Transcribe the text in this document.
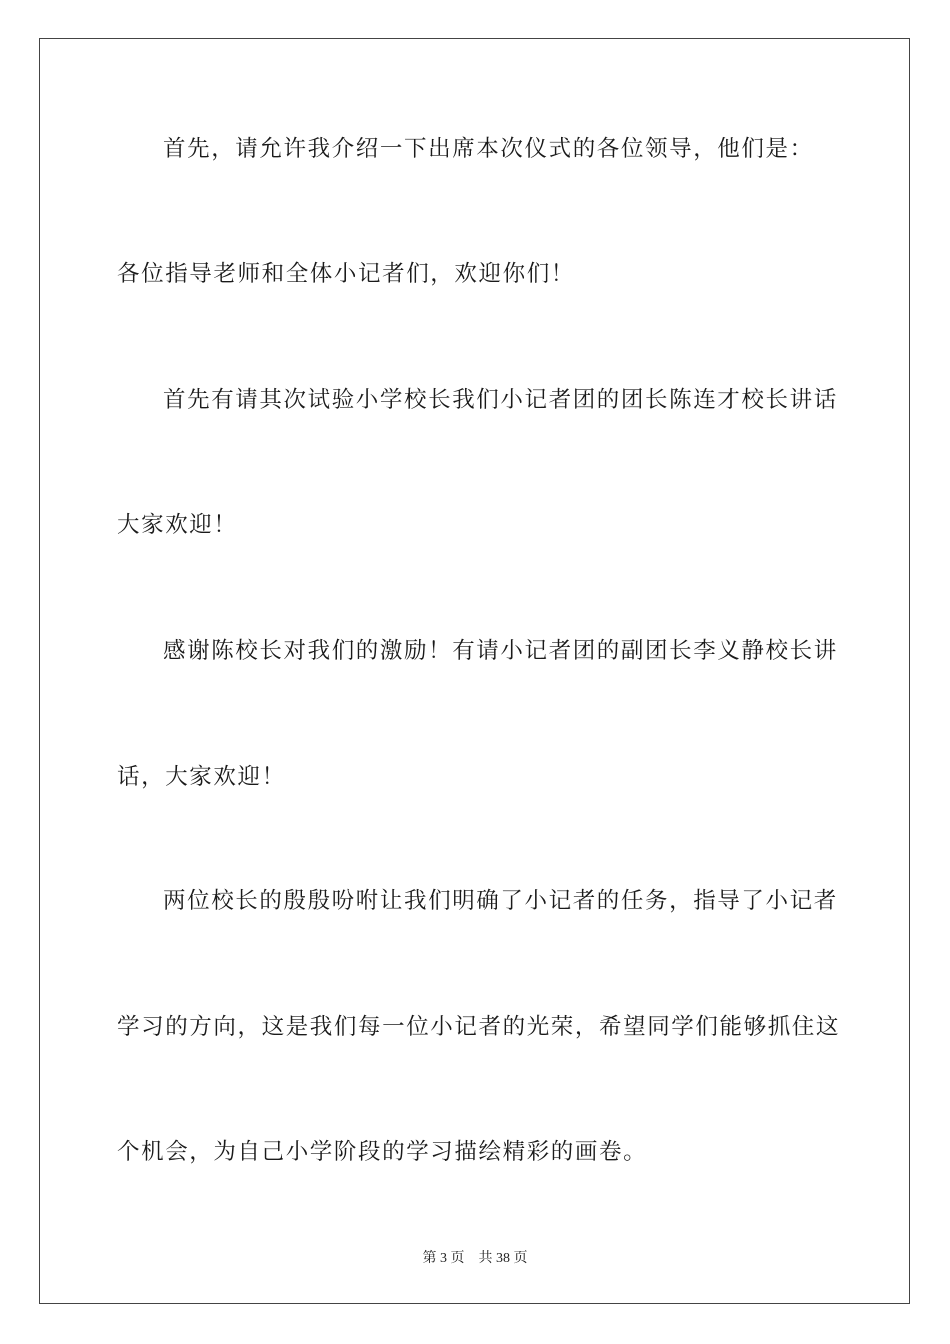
首先，请允许我介绍一下出席本次仪式的各位领导，他们是：

各位指导老师和全体小记者们，欢迎你们！

首先有请其次试验小学校长我们小记者团的团长陈连才校长讲话

大家欢迎！

感谢陈校长对我们的激励！有请小记者团的副团长李义静校长讲

话，大家欢迎！

两位校长的殷殷吩咐让我们明确了小记者的任务，指导了小记者

学习的方向，这是我们每一位小记者的光荣，希望同学们能够抓住这

个机会，为自己小学阶段的学习描绘精彩的画卷。

第 3 页 共 38 页
